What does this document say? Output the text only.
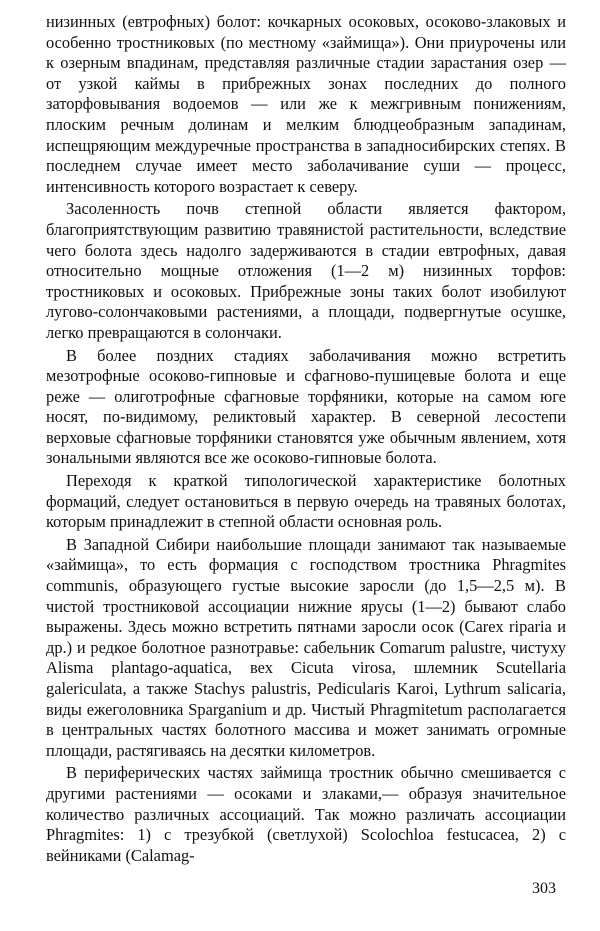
низинных (евтрофных) болот: кочкарных осоковых, осоково-злаковых и особенно тростниковых (по местному «займища»). Они приурочены или к озерным впадинам, представляя различные стадии зарастания озер — от узкой каймы в прибрежных зонах последних до полного заторфовывания водоемов — или же к межгривным понижениям, плоским речным долинам и мелким блюдцеобразным западинам, испещряющим междуречные пространства в западносибирских степях. В последнем случае имеет место заболачивание суши — процесс, интенсивность которого возрастает к северу.

Засоленность почв степной области является фактором, благоприятствующим развитию травянистой растительности, вследствие чего болота здесь надолго задерживаются в стадии евтрофных, давая относительно мощные отложения (1—2 м) низинных торфов: тростниковых и осоковых. Прибрежные зоны таких болот изобилуют лугово-солончаковыми растениями, а площади, подвергнутые осушке, легко превращаются в солончаки.

В более поздних стадиях заболачивания можно встретить мезотрофные осоково-гипновые и сфагново-пушицевые болота и еще реже — олиготрофные сфагновые торфяники, которые на самом юге носят, по-видимому, реликтовый характер. В северной лесостепи верховые сфагновые торфяники становятся уже обычным явлением, хотя зональными являются все же осоково-гипновые болота.

Переходя к краткой типологической характеристике болотных формаций, следует остановиться в первую очередь на травяных болотах, которым принадлежит в степной области основная роль.

В Западной Сибири наибольшие площади занимают так называемые «займища», то есть формация с господством тростника Phragmites communis, образующего густые высокие заросли (до 1,5—2,5 м). В чистой тростниковой ассоциации нижние ярусы (1—2) бывают слабо выражены. Здесь можно встретить пятнами заросли осок (Carex riparia и др.) и редкое болотное разнотравье: сабельник Comarum palustre, чистуху Alisma plantago-aquatica, вех Cicuta virosa, шлемник Scutellaria galericulata, а также Stachys palustris, Pedicularis Karoi, Lythrum salicaria, виды ежеголовника Sparganium и др. Чистый Phragmitetum располагается в центральных частях болотного массива и может занимать огромные площади, растягиваясь на десятки километров.

В периферических частях займища тростник обычно смешивается с другими растениями — осоками и злаками,— образуя значительное количество различных ассоциаций. Так можно различать ассоциации Phragmites: 1) с трезубкой (светлухой) Scolochloa festucacea, 2) с вейниками (Calamag-

303
